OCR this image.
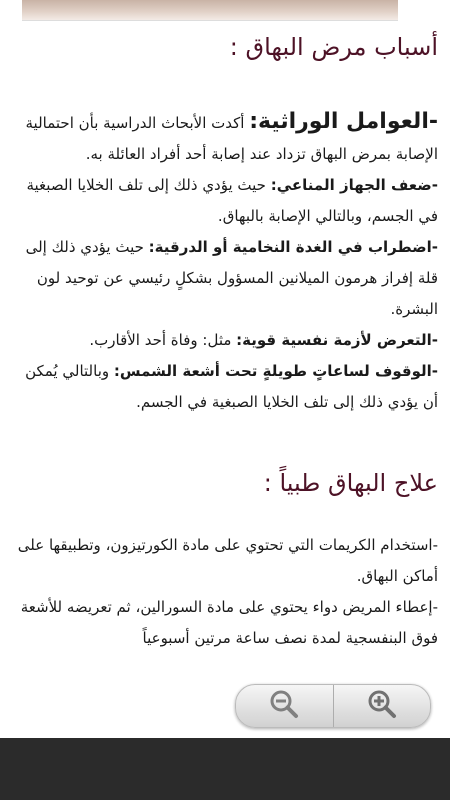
أسباب مرض البهاق :

-العوامل الوراثية: أكدت الأبحاث الدراسية بأن احتمالية الإصابة بمرض البهاق تزداد عند إصابة أحد أفراد العائلة به.

-ضعف الجهاز المناعي: حيث يؤدي ذلك إلى تلف الخلايا الصبغية في الجسم، وبالتالي الإصابة بالبهاق.

-اضطراب في الغدة النخامية أو الدرقية: حيث يؤدي ذلك إلى قلة إفراز هرمون الميلانين المسؤول بشكلٍ رئيسي عن توحيد لون البشرة.

-التعرض لأزمة نفسية قوية: مثل: وفاة أحد الأقارب.

-الوقوف لساعاتٍ طويلةٍ تحت أشعة الشمس: وبالتالي يُمكن أن يؤدي ذلك إلى تلف الخلايا الصبغية في الجسم.

علاج البهاق طبياً :

-استخدام الكريمات التي تحتوي على مادة الكورتيزون، وتطبيقها على أماكن البهاق.

-إعطاء المريض دواء يحتوي على مادة السورالين، ثم تعريضه للأشعة فوق البنفسجية لمدة نصف ساعة مرتين أسبوعياً
